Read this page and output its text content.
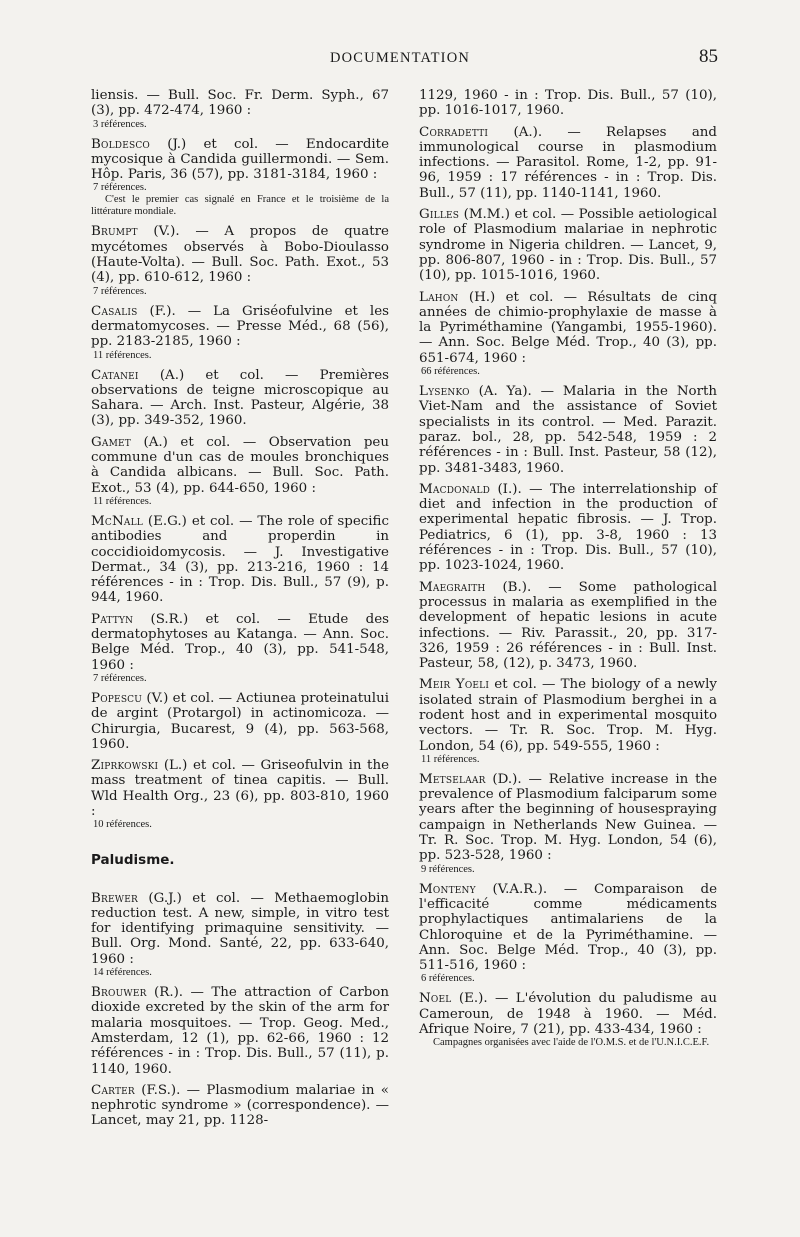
DOCUMENTATION	85
liensis. — Bull. Soc. Fr. Derm. Syph., 67 (3), pp. 472-474, 1960 :
3 références.
Boldesco (J.) et col. — Endocardite mycosique à Candida guillermondi. — Sem. Hôp. Paris, 36 (57), pp. 3181-3184, 1960 :
7 références.
C'est le premier cas signalé en France et le troisième de la littérature mondiale.
Brumpt (V.). — A propos de quatre mycétomes observés à Bobo-Dioulasso (Haute-Volta). — Bull. Soc. Path. Exot., 53 (4), pp. 610-612, 1960 :
7 références.
Casalis (F.). — La Griséofulvine et les dermatomycoses. — Presse Méd., 68 (56), pp. 2183-2185, 1960 :
11 références.
Catanei (A.) et col. — Premières observations de teigne microscopique au Sahara. — Arch. Inst. Pasteur, Algérie, 38 (3), pp. 349-352, 1960.
Gamet (A.) et col. — Observation peu commune d'un cas de moules bronchiques à Candida albicans. — Bull. Soc. Path. Exot., 53 (4), pp. 644-650, 1960 :
11 références.
McNall (E.G.) et col. — The role of specific antibodies and properdin in coccidioidomycosis. — J. Investigative Dermat., 34 (3), pp. 213-216, 1960 : 14 références - in : Trop. Dis. Bull., 57 (9), p. 944, 1960.
Pattyn (S.R.) et col. — Etude des dermatophytoses au Katanga. — Ann. Soc. Belge Méd. Trop., 40 (3), pp. 541-548, 1960 :
7 références.
Popescu (V.) et col. — Actiunea proteinatului de argint (Protargol) in actinomicoza. — Chirurgia, Bucarest, 9 (4), pp. 563-568, 1960.
Ziprkowski (L.) et col. — Griseofulvin in the mass treatment of tinea capitis. — Bull. Wld Health Org., 23 (6), pp. 803-810, 1960 :
10 références.
Paludisme.
Brewer (G.J.) et col. — Methaemoglobin reduction test. A new, simple, in vitro test for identifying primaquine sensitivity. — Bull. Org. Mond. Santé, 22, pp. 633-640, 1960 :
14 références.
Brouwer (R.). — The attraction of Carbon dioxide excreted by the skin of the arm for malaria mosquitoes. — Trop. Geog. Med., Amsterdam, 12 (1), pp. 62-66, 1960 : 12 références - in : Trop. Dis. Bull., 57 (11), p. 1140, 1960.
Carter (F.S.). — Plasmodium malariae in « nephrotic syndrome » (correspondence). — Lancet, may 21, pp. 1128-
1129, 1960 - in : Trop. Dis. Bull., 57 (10), pp. 1016-1017, 1960.
Corradetti (A.). — Relapses and immunological course in plasmodium infections. — Parasitol. Rome, 1-2, pp. 91-96, 1959 : 17 références - in : Trop. Dis. Bull., 57 (11), pp. 1140-1141, 1960.
Gilles (M.M.) et col. — Possible aetiological role of Plasmodium malariae in nephrotic syndrome in Nigeria children. — Lancet, 9, pp. 806-807, 1960 - in : Trop. Dis. Bull., 57 (10), pp. 1015-1016, 1960.
Lahon (H.) et col. — Résultats de cinq années de chimio-prophylaxie de masse à la Pyriméthamine (Yangambi, 1955-1960). — Ann. Soc. Belge Méd. Trop., 40 (3), pp. 651-674, 1960 :
66 références.
Lysenko (A. Ya). — Malaria in the North Viet-Nam and the assistance of Soviet specialists in its control. — Med. Parazit. paraz. bol., 28, pp. 542-548, 1959 : 2 références - in : Bull. Inst. Pasteur, 58 (12), pp. 3481-3483, 1960.
Macdonald (I.). — The interrelationship of diet and infection in the production of experimental hepatic fibrosis. — J. Trop. Pediatrics, 6 (1), pp. 3-8, 1960 : 13 références - in : Trop. Dis. Bull., 57 (10), pp. 1023-1024, 1960.
Maegraith (B.). — Some pathological processus in malaria as exemplified in the development of hepatic lesions in acute infections. — Riv. Parassit., 20, pp. 317-326, 1959 : 26 références - in : Bull. Inst. Pasteur, 58, (12), p. 3473, 1960.
Meir Yoeli et col. — The biology of a newly isolated strain of Plasmodium berghei in a rodent host and in experimental mosquito vectors. — Tr. R. Soc. Trop. M. Hyg. London, 54 (6), pp. 549-555, 1960 :
11 références.
Metselaar (D.). — Relative increase in the prevalence of Plasmodium falciparum some years after the beginning of housespraying campaign in Netherlands New Guinea. — Tr. R. Soc. Trop. M. Hyg. London, 54 (6), pp. 523-528, 1960 :
9 références.
Monteny (V.A.R.). — Comparaison de l'efficacité comme médicaments prophylactiques antimalariens de la Chloroquine et de la Pyriméthamine. — Ann. Soc. Belge Méd. Trop., 40 (3), pp. 511-516, 1960 :
6 références.
Noel (E.). — L'évolution du paludisme au Cameroun, de 1948 à 1960. — Méd. Afrique Noire, 7 (21), pp. 433-434, 1960 :
Campagnes organisées avec l'aide de l'O.M.S. et de l'U.N.I.C.E.F.
